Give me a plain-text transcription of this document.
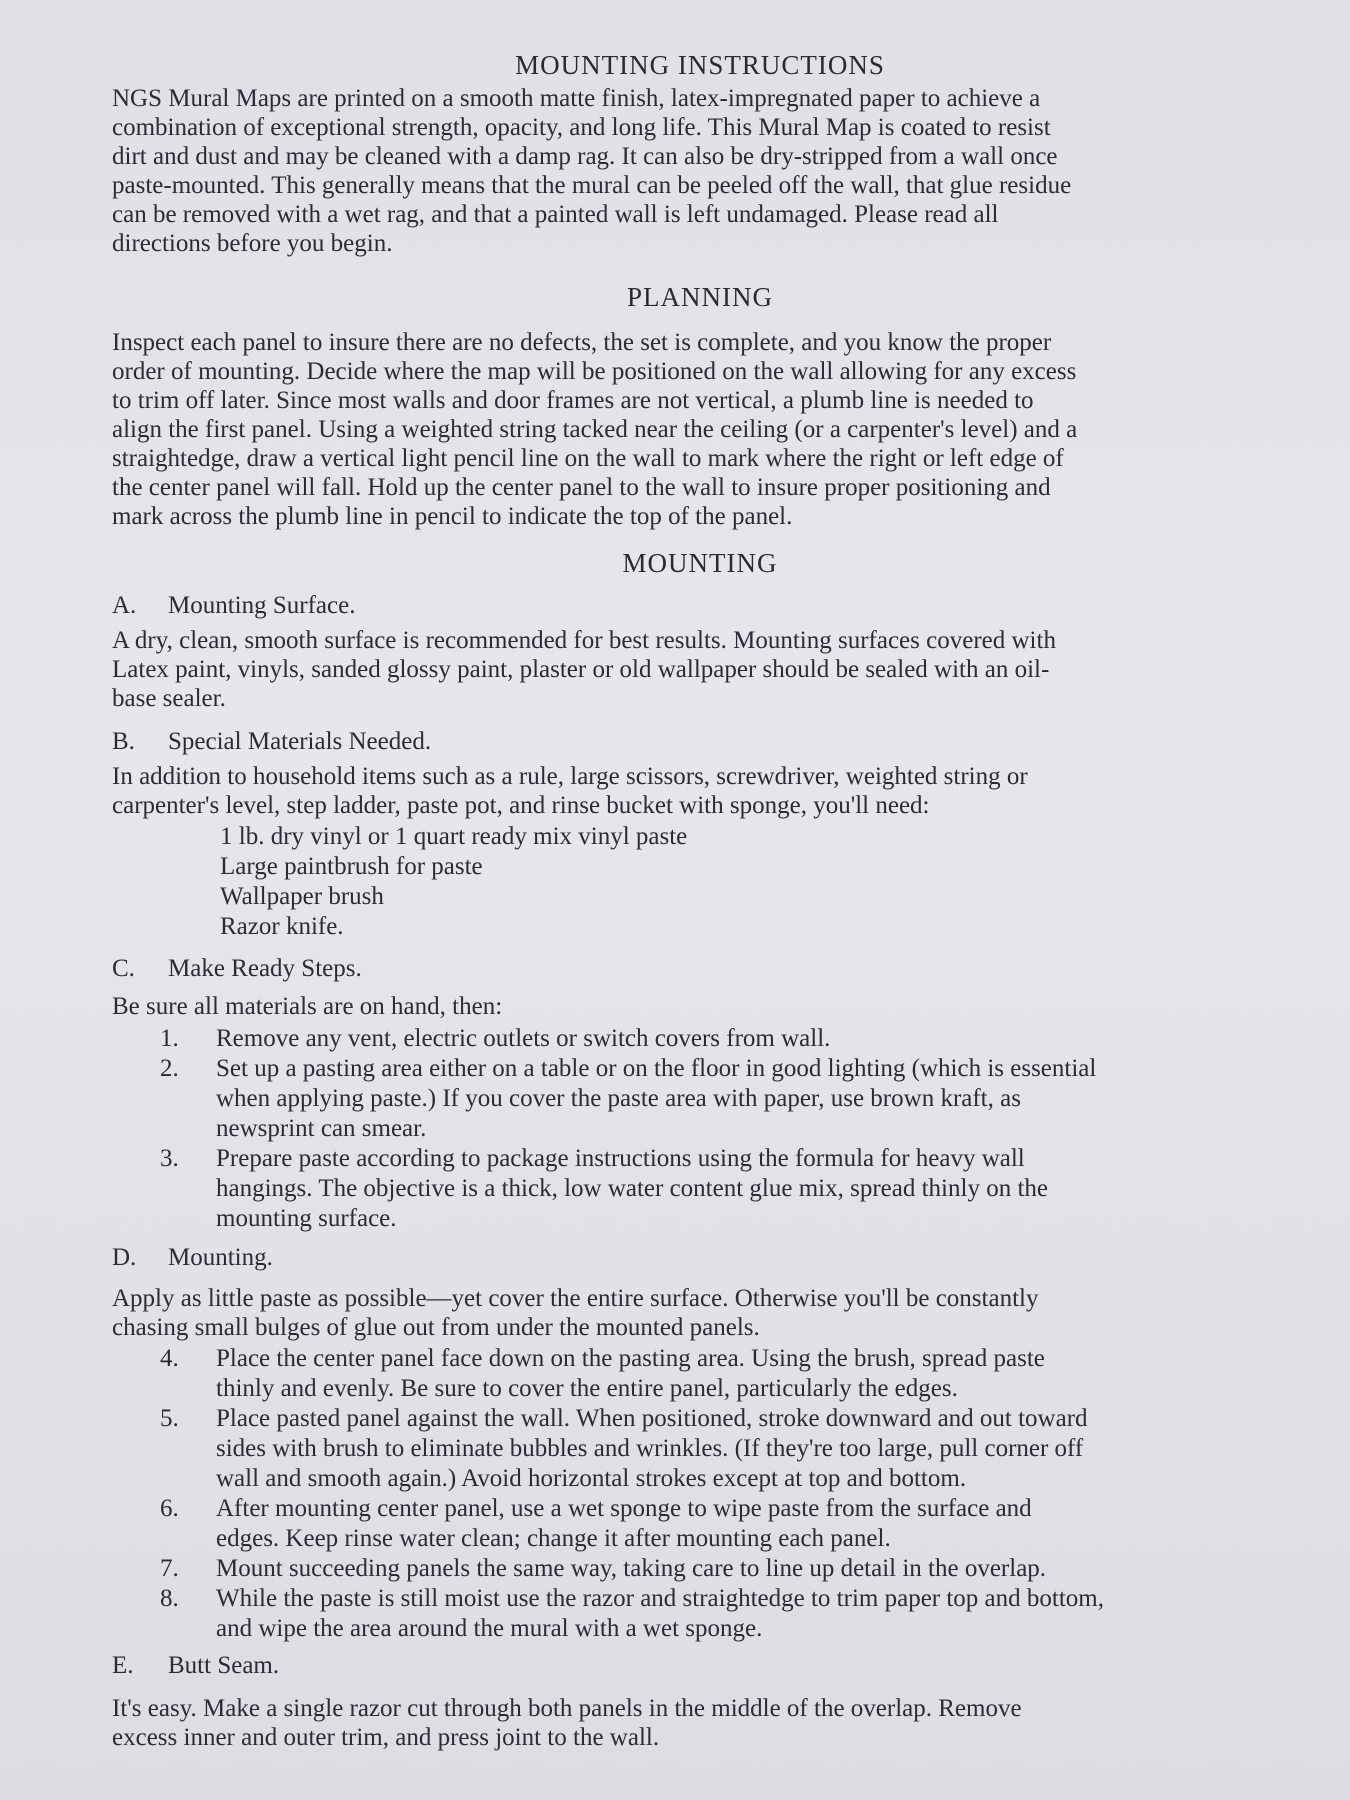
MOUNTING INSTRUCTIONS
NGS Mural Maps are printed on a smooth matte finish, latex-impregnated paper to achieve a
combination of exceptional strength, opacity, and long life. This Mural Map is coated to resist
dirt and dust and may be cleaned with a damp rag. It can also be dry-stripped from a wall once
paste-mounted. This generally means that the mural can be peeled off the wall, that glue residue
can be removed with a wet rag, and that a painted wall is left undamaged. Please read all
directions before you begin.
PLANNING
Inspect each panel to insure there are no defects, the set is complete, and you know the proper
order of mounting. Decide where the map will be positioned on the wall allowing for any excess
to trim off later. Since most walls and door frames are not vertical, a plumb line is needed to
align the first panel. Using a weighted string tacked near the ceiling (or a carpenter's level) and a
straightedge, draw a vertical light pencil line on the wall to mark where the right or left edge of
the center panel will fall. Hold up the center panel to the wall to insure proper positioning and
mark across the plumb line in pencil to indicate the top of the panel.
MOUNTING
A. Mounting Surface.
A dry, clean, smooth surface is recommended for best results. Mounting surfaces covered with
Latex paint, vinyls, sanded glossy paint, plaster or old wallpaper should be sealed with an oil-
base sealer.
B. Special Materials Needed.
In addition to household items such as a rule, large scissors, screwdriver, weighted string or
carpenter's level, step ladder, paste pot, and rinse bucket with sponge, you'll need:
1 lb. dry vinyl or 1 quart ready mix vinyl paste
Large paintbrush for paste
Wallpaper brush
Razor knife.
C. Make Ready Steps.
Be sure all materials are on hand, then:
1.	Remove any vent, electric outlets or switch covers from wall.
2.	Set up a pasting area either on a table or on the floor in good lighting (which is essential
when applying paste.) If you cover the paste area with paper, use brown kraft, as
newsprint can smear.
3.	Prepare paste according to package instructions using the formula for heavy wall
hangings. The objective is a thick, low water content glue mix, spread thinly on the
mounting surface.
D. Mounting.
Apply as little paste as possible—yet cover the entire surface. Otherwise you'll be constantly
chasing small bulges of glue out from under the mounted panels.
4.	Place the center panel face down on the pasting area. Using the brush, spread paste
thinly and evenly. Be sure to cover the entire panel, particularly the edges.
5.	Place pasted panel against the wall. When positioned, stroke downward and out toward
sides with brush to eliminate bubbles and wrinkles. (If they're too large, pull corner off
wall and smooth again.) Avoid horizontal strokes except at top and bottom.
6.	After mounting center panel, use a wet sponge to wipe paste from the surface and
edges. Keep rinse water clean; change it after mounting each panel.
7.	Mount succeeding panels the same way, taking care to line up detail in the overlap.
8.	While the paste is still moist use the razor and straightedge to trim paper top and bottom,
and wipe the area around the mural with a wet sponge.
E. Butt Seam.
It's easy. Make a single razor cut through both panels in the middle of the overlap. Remove
excess inner and outer trim, and press joint to the wall.
